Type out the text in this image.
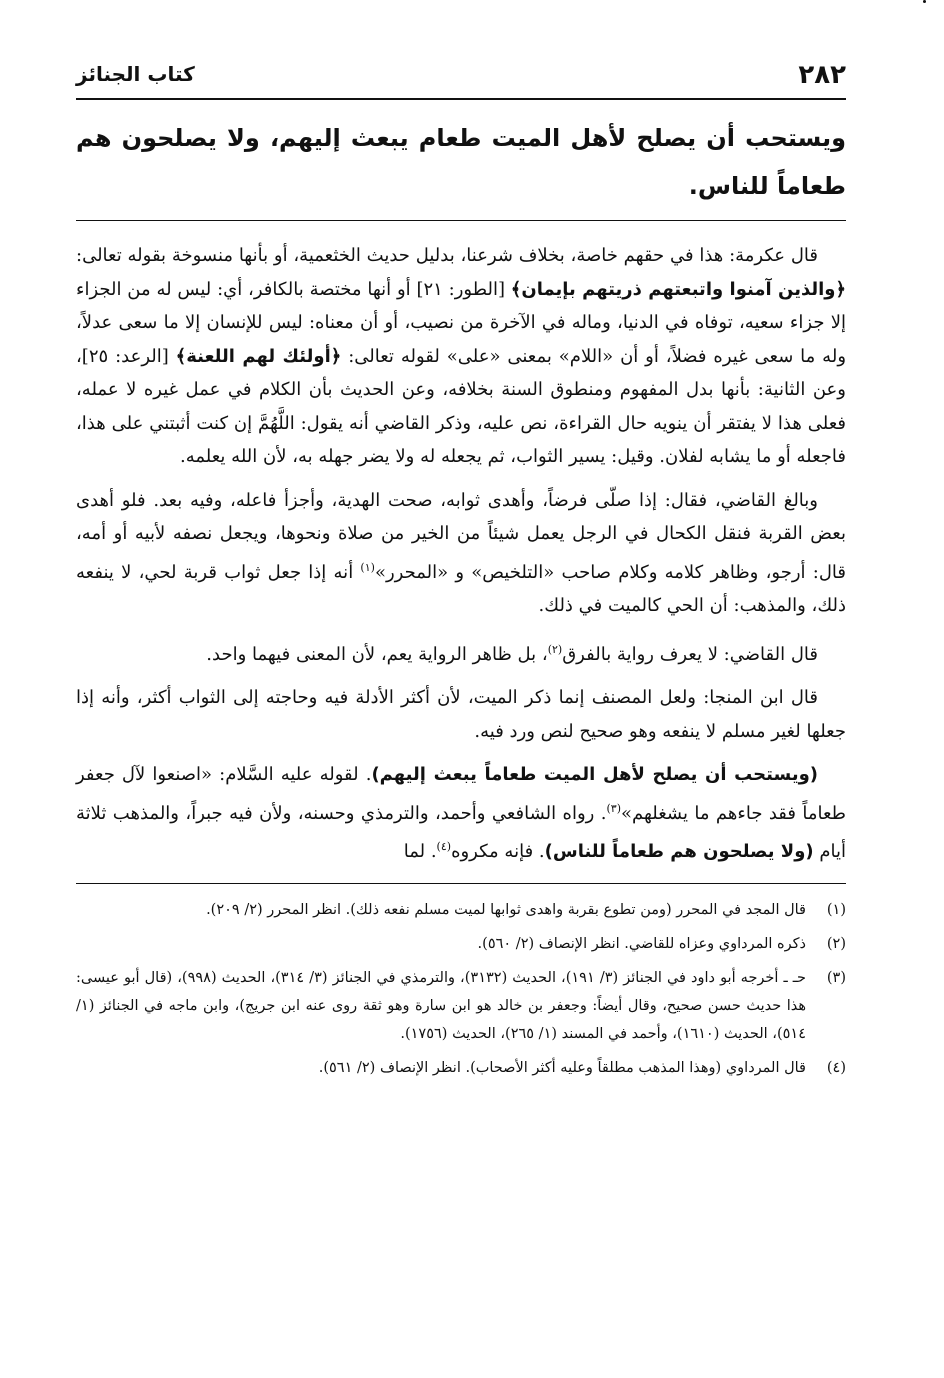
٢٨٢
كتاب الجنائز
ويستحب أن يصلح لأهل الميت طعام يبعث إليهم، ولا يصلحون هم طعاماً للناس.

قال عكرمة: هذا في حقهم خاصة، بخلاف شرعنا، بدليل حديث الخثعمية، أو بأنها منسوخة بقوله تعالى: ﴿والذين آمنوا واتبعتهم ذريتهم بإيمان﴾ [الطور: ٢١] أو أنها مختصة بالكافر، أي: ليس له من الجزاء إلا جزاء سعيه، توفاه في الدنيا، وماله في الآخرة من نصيب، أو أن معناه: ليس للإنسان إلا ما سعى عدلاً، وله ما سعى غيره فضلاً، أو أن «اللام» بمعنى «على» لقوله تعالى: ﴿أولئك لهم اللعنة﴾ [الرعد: ٢٥]، وعن الثانية: بأنها بدل المفهوم ومنطوق السنة بخلافه، وعن الحديث بأن الكلام في عمل غيره لا عمله، فعلى هذا لا يفتقر أن ينويه حال القراءة، نص عليه، وذكر القاضي أنه يقول: اللَّهُمَّ إن كنت أثبتني على هذا، فاجعله أو ما يشابه لفلان. وقيل: يسير الثواب، ثم يجعله له ولا يضر جهله به، لأن الله يعلمه.

وبالغ القاضي، فقال: إذا صلّى فرضاً، وأهدى ثوابه، صحت الهدية، وأجزأ فاعله، وفيه بعد. فلو أهدى بعض القربة فنقل الكحال في الرجل يعمل شيئاً من الخير من صلاة ونحوها، ويجعل نصفه لأبيه أو أمه، قال: أرجو، وظاهر كلامه وكلام صاحب «التلخيص» و «المحرر»$^{(١)}$ أنه إذا جعل ثواب قربة لحي، لا ينفعه ذلك، والمذهب: أن الحي كالميت في ذلك.

قال القاضي: لا يعرف رواية بالفرق$^{(٢)}$، بل ظاهر الرواية يعم، لأن المعنى فيهما واحد.

قال ابن المنجا: ولعل المصنف إنما ذكر الميت، لأن أكثر الأدلة فيه وحاجته إلى الثواب أكثر، وأنه إذا جعلها لغير مسلم لا ينفعه وهو صحيح لنص ورد فيه.

(ويستحب أن يصلح لأهل الميت طعاماً يبعث إليهم). لقوله عليه السَّلام: «اصنعوا لآل جعفر طعاماً فقد جاءهم ما يشغلهم»$^{(٣)}$. رواه الشافعي وأحمد، والترمذي وحسنه، ولأن فيه جبراً، والمذهب ثلاثة أيام (ولا يصلحون هم طعاماً للناس). فإنه مكروه$^{(٤)}$. لما

(١)
قال المجد في المحرر (ومن تطوع بقربة واهدى ثوابها لميت مسلم نفعه ذلك). انظر المحرر (٢/ ٢٠٩).
(٢)
ذكره المرداوي وعزاه للقاضي. انظر الإنصاف (٢/ ٥٦٠).
(٣)
حـ ـ أخرجه أبو داود في الجنائز (٣/ ١٩١)، الحديث (٣١٣٢)، والترمذي في الجنائز (٣/ ٣١٤)، الحديث (٩٩٨)، (قال أبو عيسى: هذا حديث حسن صحيح، وقال أيضاً: وجعفر بن خالد هو ابن سارة وهو ثقة روى عنه ابن جريج)، وابن ماجه في الجنائز (١/ ٥١٤)، الحديث (١٦١٠)، وأحمد في المسند (١/ ٢٦٥)، الحديث (١٧٥٦).
(٤)
قال المرداوي (وهذا المذهب مطلقاً وعليه أكثر الأصحاب). انظر الإنصاف (٢/ ٥٦١).
